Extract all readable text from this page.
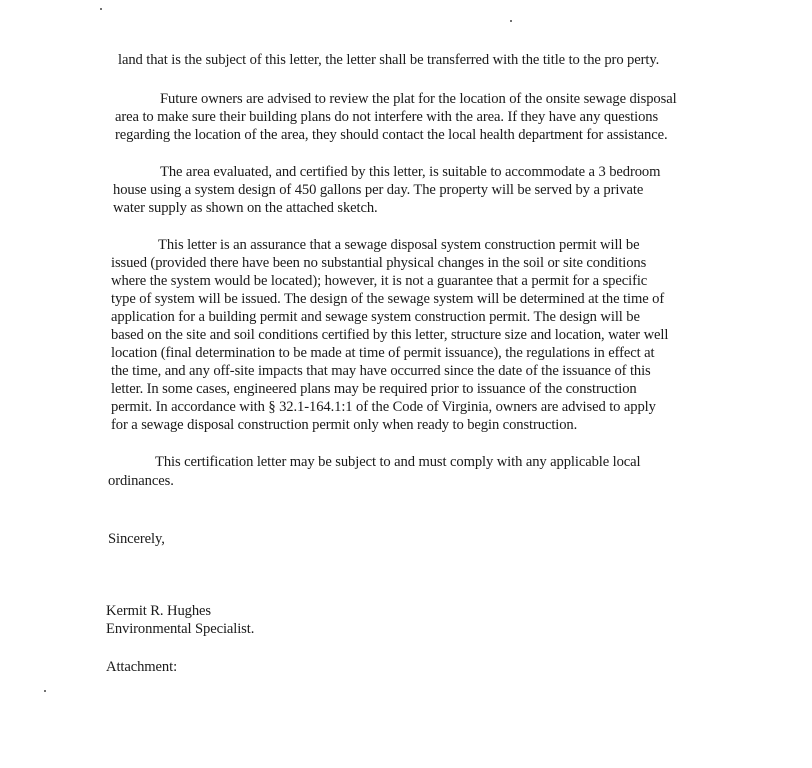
land that is the subject of this letter, the letter shall be transferred with the title to the pro perty.
Future owners are advised to review the plat for the location of the onsite sewage disposal
area to make sure their building plans do not interfere with the area. If they have any questions
regarding the location of the area, they should contact the local health department for assistance.
The area evaluated, and certified by this letter, is suitable to accommodate a 3 bedroom
house using a system design of 450 gallons per day. The property will be served by a private
water supply as shown on the attached sketch.
This letter is an assurance that a sewage disposal system construction permit will be
issued (provided there have been no substantial physical changes in the soil or site conditions
where the system would be located); however, it is not a guarantee that a permit for a specific
type of system will be issued. The design of the sewage system will be determined at the time of
application for a building permit and sewage system construction permit. The design will be
based on the site and soil conditions certified by this letter, structure size and location, water well
location (final determination to be made at time of permit issuance), the regulations in effect at
the time, and any off-site impacts that may have occurred since the date of the issuance of this
letter. In some cases, engineered plans may be required prior to issuance of the construction
permit. In accordance with § 32.1-164.1:1 of the Code of Virginia, owners are advised to apply
for a sewage disposal construction permit only when ready to begin construction.
This certification letter may be subject to and must comply with any applicable local
ordinances.
Sincerely,
Kermit R. Hughes
Environmental Specialist.
Attachment:
